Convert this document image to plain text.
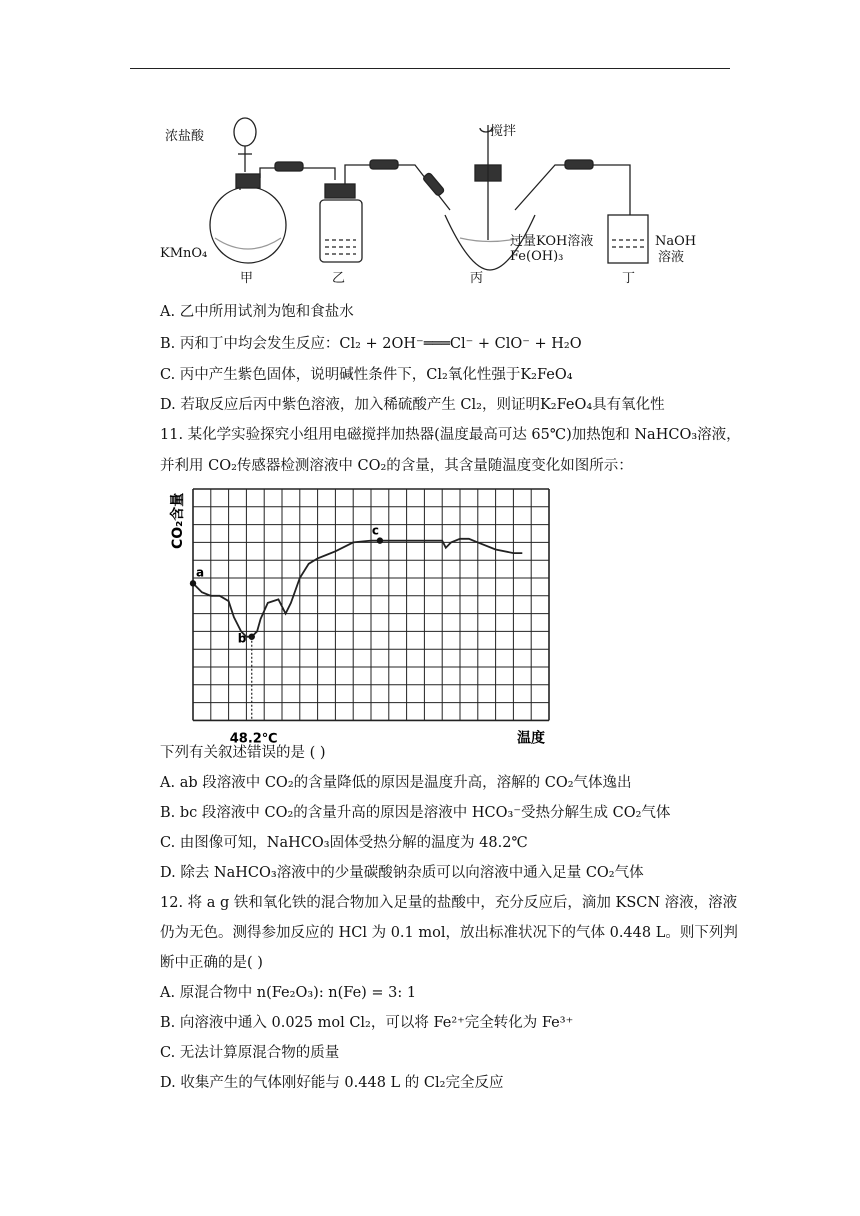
浓盐酸	搅拌
KMnO₄
过量KOH溶液
Fe(OH)₃
NaOH
溶液
甲	乙	丙	丁
A. 乙中所用试剂为饱和食盐水
B. 丙和丁中均会发生反应：Cl₂ + 2OH⁻═══Cl⁻ + ClO⁻ + H₂O
C. 丙中产生紫色固体，说明碱性条件下，Cl₂氧化性强于K₂FeO₄
D. 若取反应后丙中紫色溶液，加入稀硫酸产生 Cl₂，则证明K₂FeO₄具有氧化性
11. 某化学实验探究小组用电磁搅拌加热器(温度最高可达 65℃)加热饱和 NaHCO₃溶液，
并利用 CO₂传感器检测溶液中 CO₂的含量，其含量随温度变化如图所示：
a
b
c
CO₂含量
温度
48.2℃
下列有关叙述错误的是 ( )
A. ab 段溶液中 CO₂的含量降低的原因是温度升高，溶解的 CO₂气体逸出
B. bc 段溶液中 CO₂的含量升高的原因是溶液中 HCO₃⁻受热分解生成 CO₂气体
C. 由图像可知，NaHCO₃固体受热分解的温度为 48.2℃
D. 除去 NaHCO₃溶液中的少量碳酸钠杂质可以向溶液中通入足量 CO₂气体
12. 将 a g 铁和氧化铁的混合物加入足量的盐酸中，充分反应后，滴加 KSCN 溶液，溶液
仍为无色。测得参加反应的 HCl 为 0.1 mol，放出标准状况下的气体 0.448 L。则下列判
断中正确的是( )
A. 原混合物中 n(Fe₂O₃): n(Fe) = 3: 1
B. 向溶液中通入 0.025 mol Cl₂，可以将 Fe²⁺完全转化为 Fe³⁺
C. 无法计算原混合物的质量
D. 收集产生的气体刚好能与 0.448 L 的 Cl₂完全反应
